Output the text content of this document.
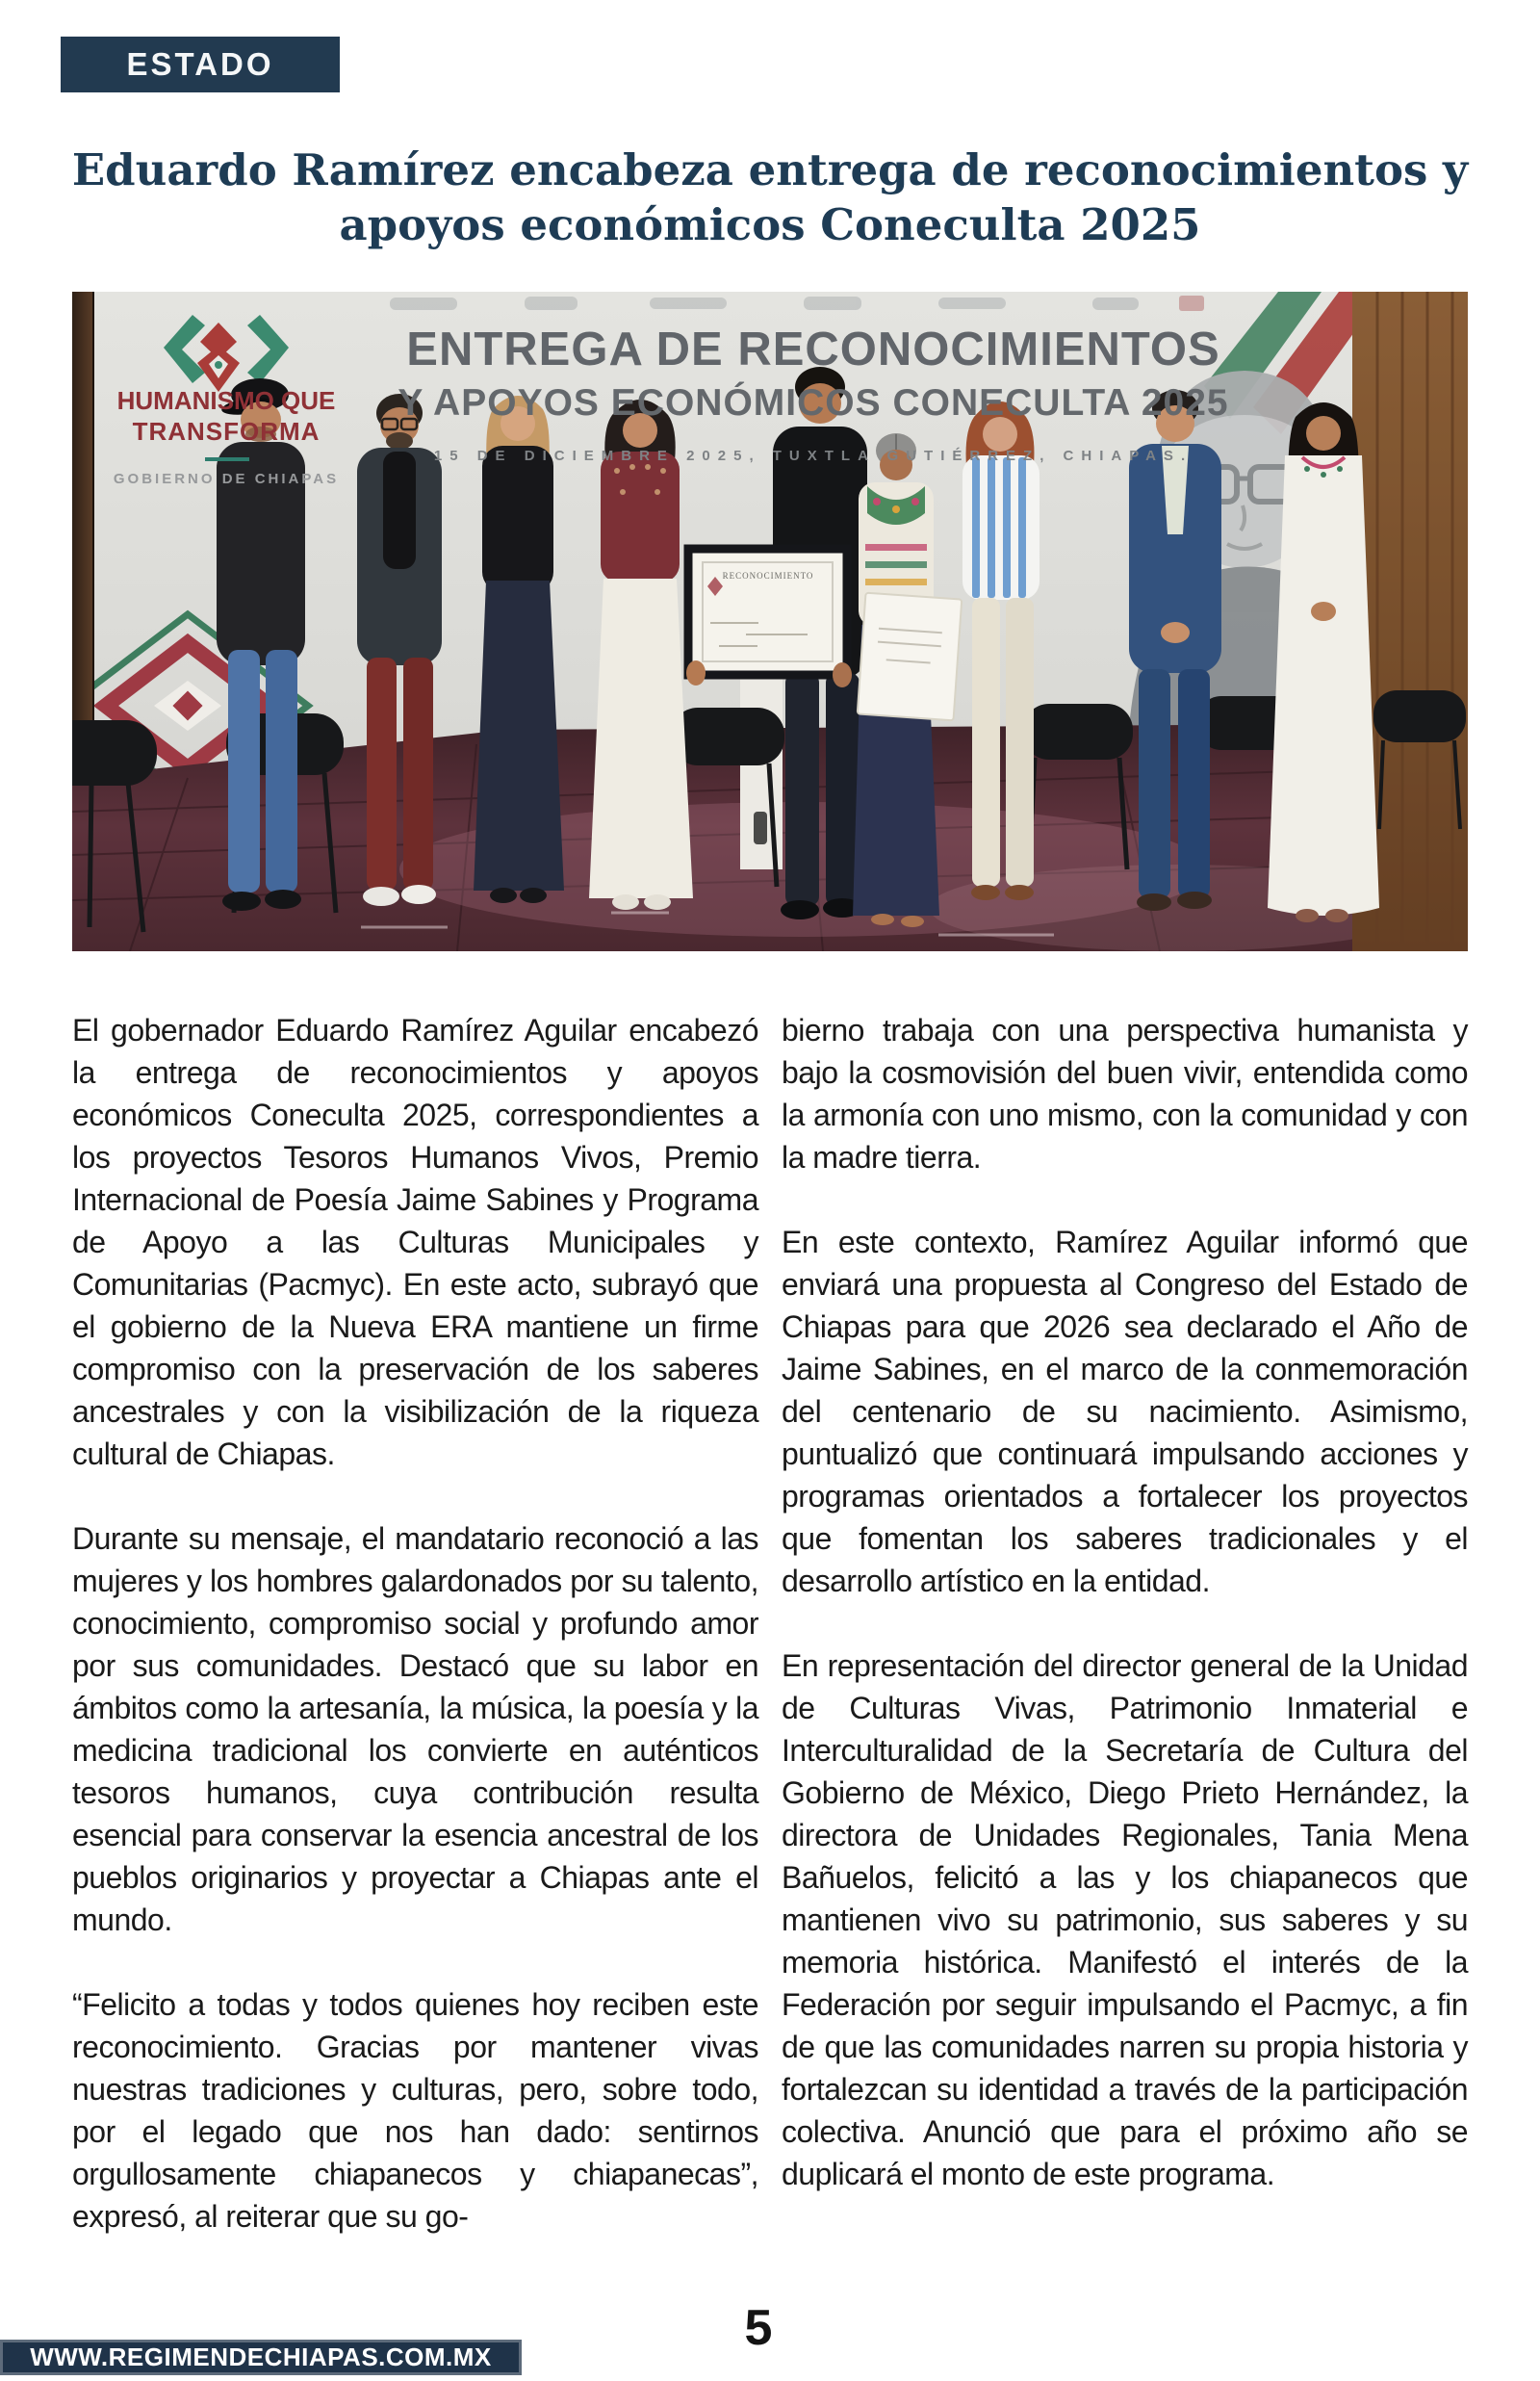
ESTADO
Eduardo Ramírez encabeza entrega de reconocimientos y
apoyos económicos Coneculta 2025
ENTREGA DE RECONOCIMIENTOS
Y APOYOS ECONÓMICOS CONECULTA 2025
15 DE DICIEMBRE 2025, TUXTLA GUTIÉRREZ, CHIAPAS.
HUMANISMO QUE
TRANSFORMA
GOBIERNO DE CHIAPAS
RECONOCIMIENTO

El gobernador Eduardo Ramírez Aguilar encabezó la entrega de reconocimientos y apoyos económicos Coneculta 2025, correspondientes a los proyectos Tesoros Humanos Vivos, Premio Internacional de Poesía Jaime Sabines y Programa de Apoyo a las Culturas Municipales y Comunitarias (Pacmyc). En este acto, subrayó que el gobierno de la Nueva ERA mantiene un firme compromiso con la preservación de los saberes ancestrales y con la visibilización de la riqueza cultural de Chiapas.

Durante su mensaje, el mandatario reconoció a las mujeres y los hombres galardonados por su talento, conocimiento, compromiso social y profundo amor por sus comunidades. Destacó que su labor en ámbitos como la artesanía, la música, la poesía y la medicina tradicional los convierte en auténticos tesoros humanos, cuya contribución resulta esencial para conservar la esencia ancestral de los pueblos originarios y proyectar a Chiapas ante el mundo.

“Felicito a todas y todos quienes hoy reciben este reconocimiento. Gracias por mantener vivas nuestras tradiciones y culturas, pero, sobre todo, por el legado que nos han dado: sentirnos orgullosamente chiapanecos y chiapanecas”, expresó, al reiterar que su go-

bierno trabaja con una perspectiva humanista y bajo la cosmovisión del buen vivir, entendida como la armonía con uno mismo, con la comunidad y con la madre tierra.

En este contexto, Ramírez Aguilar informó que enviará una propuesta al Congreso del Estado de Chiapas para que 2026 sea declarado el Año de Jaime Sabines, en el marco de la conmemoración del centenario de su nacimiento. Asimismo, puntualizó que continuará impulsando acciones y programas orientados a fortalecer los proyectos que fomentan los saberes tradicionales y el desarrollo artístico en la entidad.

En representación del director general de la Unidad de Culturas Vivas, Patrimonio Inmaterial e Interculturalidad de la Secretaría de Cultura del Gobierno de México, Diego Prieto Hernández, la directora de Unidades Regionales, Tania Mena Bañuelos, felicitó a las y los chiapanecos que mantienen vivo su patrimonio, sus saberes y su memoria histórica. Manifestó el interés de la Federación por seguir impulsando el Pacmyc, a fin de que las comunidades narren su propia historia y fortalezcan su identidad a través de la participación colectiva. Anunció que para el próximo año se duplicará el monto de este programa.

WWW.REGIMENDECHIAPAS.COM.MX
5
